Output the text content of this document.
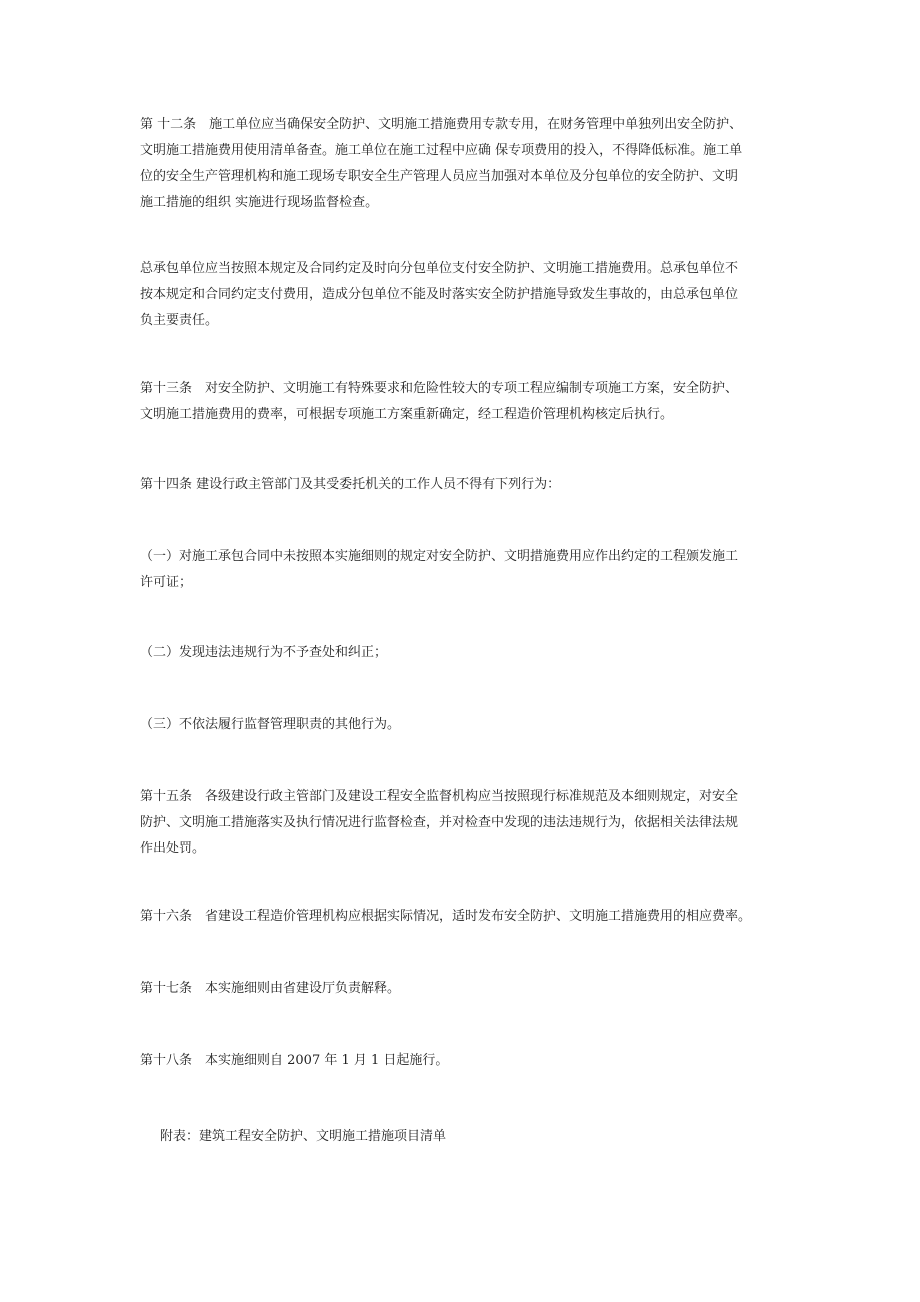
第 十二条　施工单位应当确保安全防护、文明施工措施费用专款专用，在财务管理中单独列出安全防护、
文明施工措施费用使用清单备查。施工单位在施工过程中应确 保专项费用的投入，不得降低标准。施工单
位的安全生产管理机构和施工现场专职安全生产管理人员应当加强对本单位及分包单位的安全防护、文明
施工措施的组织 实施进行现场监督检查。
总承包单位应当按照本规定及合同约定及时向分包单位支付安全防护、文明施工措施费用。总承包单位不
按本规定和合同约定支付费用，造成分包单位不能及时落实安全防护措施导致发生事故的，由总承包单位
负主要责任。
第十三条　对安全防护、文明施工有特殊要求和危险性较大的专项工程应编制专项施工方案，安全防护、
文明施工措施费用的费率，可根据专项施工方案重新确定，经工程造价管理机构核定后执行。
第十四条 建设行政主管部门及其受委托机关的工作人员不得有下列行为：
（一）对施工承包合同中未按照本实施细则的规定对安全防护、文明措施费用应作出约定的工程颁发施工
许可证；
（二）发现违法违规行为不予查处和纠正；
（三）不依法履行监督管理职责的其他行为。
第十五条　各级建设行政主管部门及建设工程安全监督机构应当按照现行标准规范及本细则规定，对安全
防护、文明施工措施落实及执行情况进行监督检查，并对检查中发现的违法违规行为，依据相关法律法规
作出处罚。
第十六条　省建设工程造价管理机构应根据实际情况，适时发布安全防护、文明施工措施费用的相应费率。
第十七条　本实施细则由省建设厅负责解释。
第十八条　本实施细则自 2007 年 1 月 1 日起施行。
附表：建筑工程安全防护、文明施工措施项目清单
